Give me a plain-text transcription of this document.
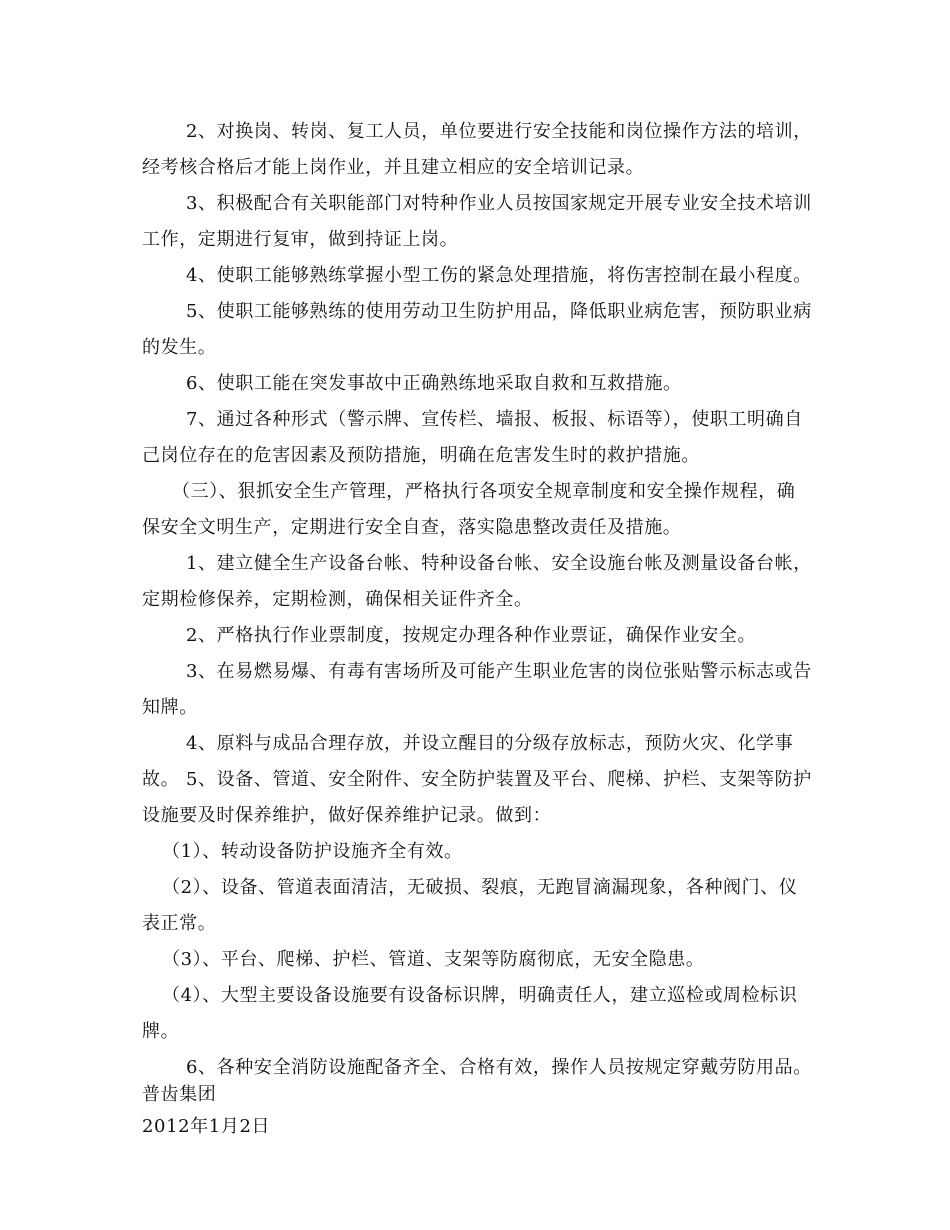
2、对换岗、转岗、复工人员，单位要进行安全技能和岗位操作方法的培训，经考核合格后才能上岗作业，并且建立相应的安全培训记录。

3、积极配合有关职能部门对特种作业人员按国家规定开展专业安全技术培训工作，定期进行复审，做到持证上岗。

4、使职工能够熟练掌握小型工伤的紧急处理措施，将伤害控制在最小程度。

5、使职工能够熟练的使用劳动卫生防护用品，降低职业病危害，预防职业病的发生。

6、使职工能在突发事故中正确熟练地采取自救和互救措施。

7、通过各种形式（警示牌、宣传栏、墙报、板报、标语等），使职工明确自己岗位存在的危害因素及预防措施，明确在危害发生时的救护措施。

（三）、狠抓安全生产管理，严格执行各项安全规章制度和安全操作规程，确保安全文明生产，定期进行安全自查，落实隐患整改责任及措施。

1、建立健全生产设备台帐、特种设备台帐、安全设施台帐及测量设备台帐，定期检修保养，定期检测，确保相关证件齐全。

2、严格执行作业票制度，按规定办理各种作业票证，确保作业安全。

3、在易燃易爆、有毒有害场所及可能产生职业危害的岗位张贴警示标志或告知牌。

4、原料与成品合理存放，并设立醒目的分级存放标志，预防火灾、化学事故。 5、设备、管道、安全附件、安全防护装置及平台、爬梯、护栏、支架等防护设施要及时保养维护，做好保养维护记录。做到：

（1）、转动设备防护设施齐全有效。

（2）、设备、管道表面清洁，无破损、裂痕，无跑冒滴漏现象，各种阀门、仪表正常。

（3）、平台、爬梯、护栏、管道、支架等防腐彻底，无安全隐患。

（4）、大型主要设备设施要有设备标识牌，明确责任人，建立巡检或周检标识牌。

6、各种安全消防设施配备齐全、合格有效，操作人员按规定穿戴劳防用品。

普齿集团

2012年1月2日
